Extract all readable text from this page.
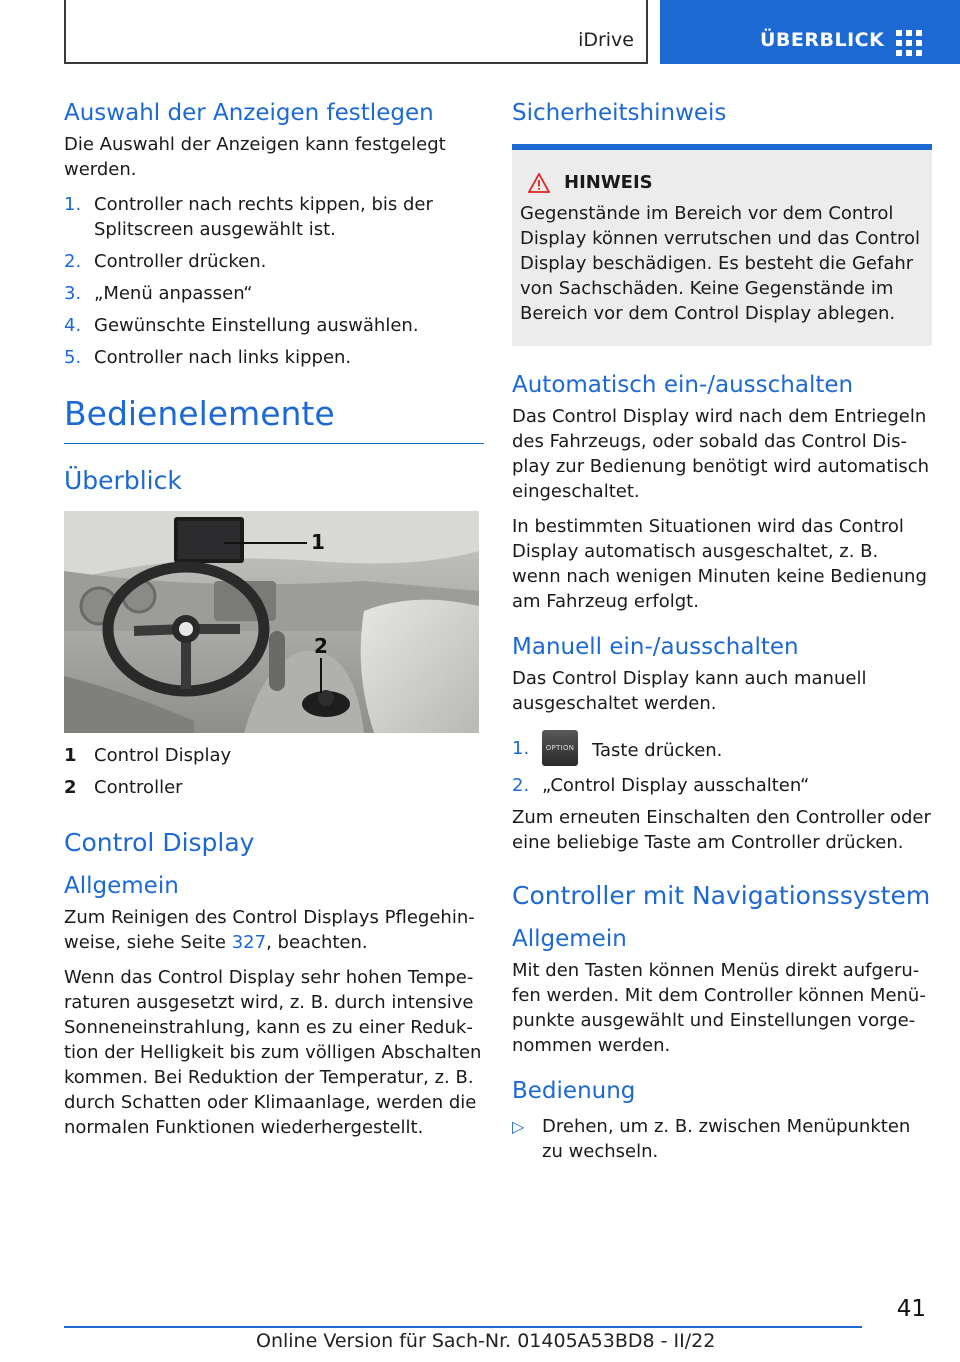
iDrive	ÜBERBLICK
Auswahl der Anzeigen festlegen

Die Auswahl der Anzeigen kann festgelegt werden.

1. Controller nach rechts kippen, bis der Splitscreen ausgewählt ist.
2. Controller drücken.
3. „Menü anpassen“
4. Gewünschte Einstellung auswählen.
5. Controller nach links kippen.
Bedienelemente
Überblick
1
2
1 Control Display
2 Controller
Control Display
Allgemein

Zum Reinigen des Control Displays Pflegehinweise, siehe Seite 327, beachten.

Wenn das Control Display sehr hohen Temperaturen ausgesetzt wird, z. B. durch intensive Sonneneinstrahlung, kann es zu einer Reduktion der Helligkeit bis zum völligen Abschalten kommen. Bei Reduktion der Temperatur, z. B. durch Schatten oder Klimaanlage, werden die normalen Funktionen wiederhergestellt.

Sicherheitshinweis
HINWEIS

Gegenstände im Bereich vor dem Control Display können verrutschen und das Control Display beschädigen. Es besteht die Gefahr von Sachschäden. Keine Gegenstände im Bereich vor dem Control Display ablegen.

Automatisch ein-/ausschalten

Das Control Display wird nach dem Entriegeln des Fahrzeugs, oder sobald das Control Display zur Bedienung benötigt wird automatisch eingeschaltet.

In bestimmten Situationen wird das Control Display automatisch ausgeschaltet, z. B. wenn nach wenigen Minuten keine Bedienung am Fahrzeug erfolgt.

Manuell ein-/ausschalten

Das Control Display kann auch manuell ausgeschaltet werden.

1. OPTION Taste drücken.
2. „Control Display ausschalten“

Zum erneuten Einschalten den Controller oder eine beliebige Taste am Controller drücken.

Controller mit Navigationssystem
Allgemein

Mit den Tasten können Menüs direkt aufgerufen werden. Mit dem Controller können Menüpunkte ausgewählt und Einstellungen vorgenommen werden.

Bedienung
▷ Drehen, um z. B. zwischen Menüpunkten zu wechseln.
41
Online Version für Sach-Nr. 01405A53BD8 - II/22
